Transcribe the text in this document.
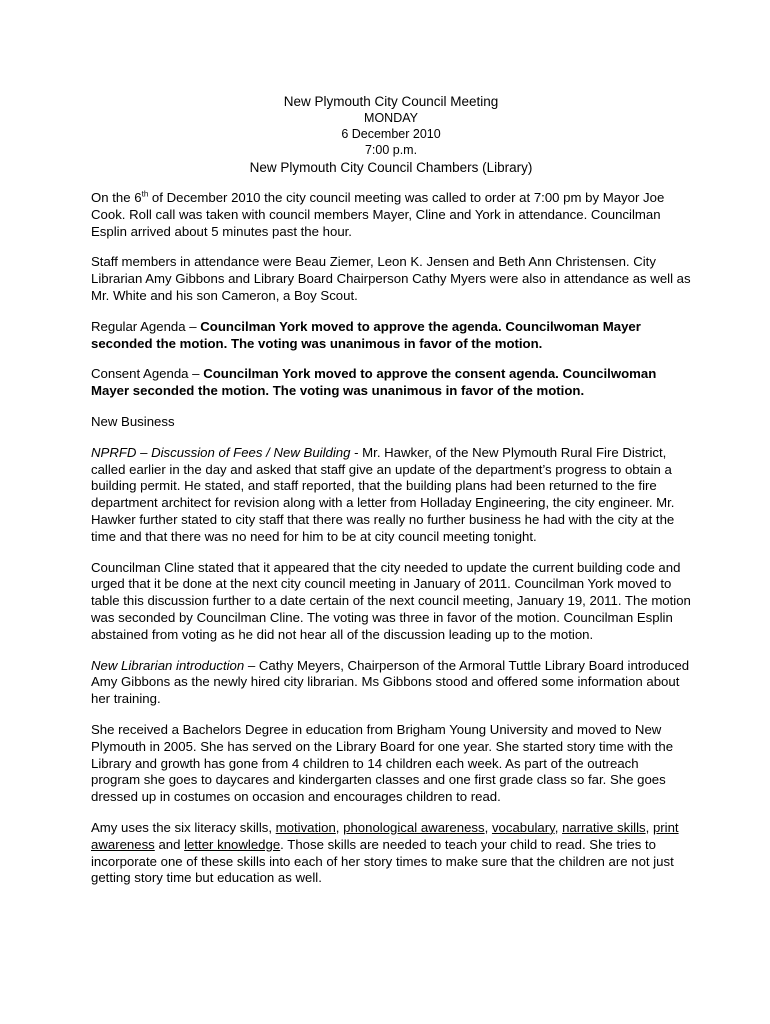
New Plymouth City Council Meeting
MONDAY
6 December 2010
7:00 p.m.
New Plymouth City Council Chambers (Library)

On the 6th of December 2010 the city council meeting was called to order at 7:00 pm by Mayor Joe Cook. Roll call was taken with council members Mayer, Cline and York in attendance. Councilman Esplin arrived about 5 minutes past the hour.

Staff members in attendance were Beau Ziemer, Leon K. Jensen and Beth Ann Christensen. City Librarian Amy Gibbons and Library Board Chairperson Cathy Myers were also in attendance as well as Mr. White and his son Cameron, a Boy Scout.

Regular Agenda – Councilman York moved to approve the agenda. Councilwoman Mayer seconded the motion. The voting was unanimous in favor of the motion.

Consent Agenda – Councilman York moved to approve the consent agenda. Councilwoman Mayer seconded the motion. The voting was unanimous in favor of the motion.

New Business

NPRFD – Discussion of Fees / New Building - Mr. Hawker, of the New Plymouth Rural Fire District, called earlier in the day and asked that staff give an update of the department’s progress to obtain a building permit. He stated, and staff reported, that the building plans had been returned to the fire department architect for revision along with a letter from Holladay Engineering, the city engineer. Mr. Hawker further stated to city staff that there was really no further business he had with the city at the time and that there was no need for him to be at city council meeting tonight.

Councilman Cline stated that it appeared that the city needed to update the current building code and urged that it be done at the next city council meeting in January of 2011. Councilman York moved to table this discussion further to a date certain of the next council meeting, January 19, 2011. The motion was seconded by Councilman Cline. The voting was three in favor of the motion. Councilman Esplin abstained from voting as he did not hear all of the discussion leading up to the motion.

New Librarian introduction – Cathy Meyers, Chairperson of the Armoral Tuttle Library Board introduced Amy Gibbons as the newly hired city librarian. Ms Gibbons stood and offered some information about her training.

She received a Bachelors Degree in education from Brigham Young University and moved to New Plymouth in 2005. She has served on the Library Board for one year. She started story time with the Library and growth has gone from 4 children to 14 children each week. As part of the outreach program she goes to daycares and kindergarten classes and one first grade class so far. She goes dressed up in costumes on occasion and encourages children to read.

Amy uses the six literacy skills, motivation, phonological awareness, vocabulary, narrative skills, print awareness and letter knowledge. Those skills are needed to teach your child to read. She tries to incorporate one of these skills into each of her story times to make sure that the children are not just getting story time but education as well.
